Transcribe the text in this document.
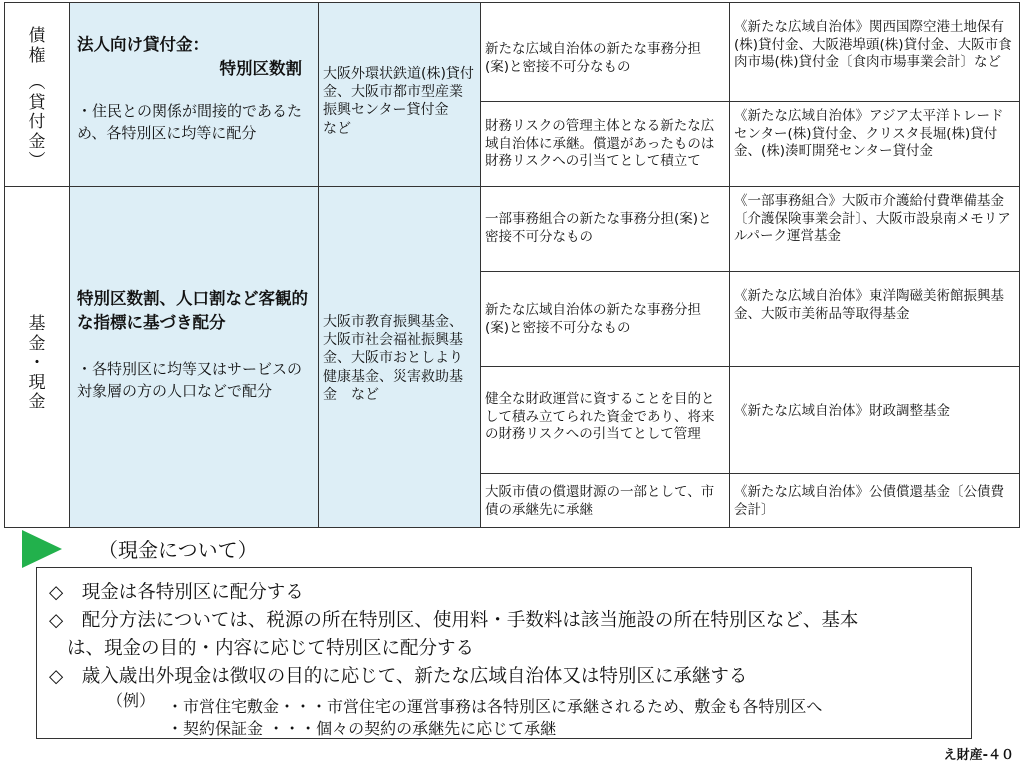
債
権
︵
貸
付
金
︶
法人向け貸付金：
特別区数割
・住民との関係が間接的であるため、各特別区に均等に配分
大阪外環状鉄道(株)貸付金、大阪市都市型産業振興センター貸付金　など
新たな広域自治体の新たな事務分担(案)と密接不可分なもの
《新たな広域自治体》関西国際空港土地保有(株)貸付金、大阪港埠頭(株)貸付金、大阪市食肉市場(株)貸付金〔食肉市場事業会計〕など
財務リスクの管理主体となる新たな広域自治体に承継。償還があったものは財務リスクへの引当てとして積立て
《新たな広域自治体》アジア太平洋トレードセンター(株)貸付金、クリスタ長堀(株)貸付金、(株)湊町開発センター貸付金
基
金
・
現
金
特別区数割、人口割など客観的な指標に基づき配分
・各特別区に均等又はサービスの対象層の方の人口などで配分
大阪市教育振興基金、大阪市社会福祉振興基金、大阪市おとしより健康基金、災害救助基金　など
一部事務組合の新たな事務分担(案)と密接不可分なもの
《一部事務組合》大阪市介護給付費準備基金〔介護保険事業会計〕、大阪市設泉南メモリアルパーク運営基金
新たな広域自治体の新たな事務分担(案)と密接不可分なもの
《新たな広域自治体》東洋陶磁美術館振興基金、大阪市美術品等取得基金
健全な財政運営に資することを目的として積み立てられた資金であり、将来の財務リスクへの引当てとして管理
《新たな広域自治体》財政調整基金
大阪市債の償還財源の一部として、市債の承継先に承継
《新たな広域自治体》公債償還基金〔公債費会計〕
（現金について）
◇　現金は各特別区に配分する
◇　配分方法については、税源の所在特別区、使用料・手数料は該当施設の所在特別区など、基本
は、現金の目的・内容に応じて特別区に配分する
◇　歳入歳出外現金は徴収の目的に応じて、新たな広域自治体又は特別区に承継する
（例） ・市営住宅敷金・・・市営住宅の運営事務は各特別区に承継されるため、敷金も各特別区へ
・契約保証金 ・・・個々の契約の承継先に応じて承継
え財産-４０
